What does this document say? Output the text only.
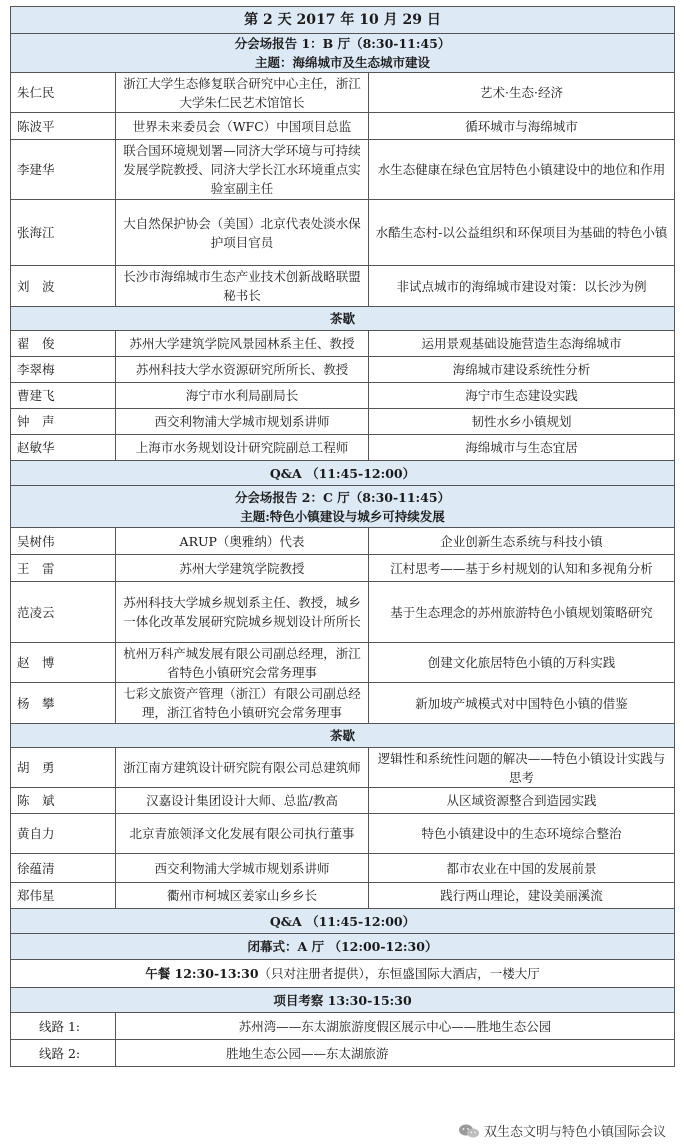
第 2 天 2017 年 10 月 29 日		

分会场报告 1：B 厅（8:30-11:45）
主题：海绵城市及生态城市建设		

朱仁民	浙江大学生态修复联合研究中心主任，浙江大学朱仁民艺术馆馆长	艺术·生态·经济
陈波平	世界未来委员会（WFC）中国项目总监	循环城市与海绵城市
李建华	联合国环境规划署—同济大学环境与可持续发展学院教授、同济大学长江水环境重点实验室副主任	水生态健康在绿色宜居特色小镇建设中的地位和作用
张海江	大自然保护协会（美国）北京代表处淡水保护项目官员	水酷生态村-以公益组织和环保项目为基础的特色小镇
刘　波	长沙市海绵城市生态产业技术创新战略联盟秘书长	非试点城市的海绵城市建设对策：以长沙为例
茶歇		
翟　俊	苏州大学建筑学院风景园林系主任、教授	运用景观基础设施营造生态海绵城市
李翠梅	苏州科技大学水资源研究所所长、教授	海绵城市建设系统性分析
曹建飞	海宁市水利局副局长	海宁市生态建设实践
钟　声	西交利物浦大学城市规划系讲师	韧性水乡小镇规划
赵敏华	上海市水务规划设计研究院副总工程师	海绵城市与生态宜居
Q&A （11:45-12:00）		

分会场报告 2：C 厅（8:30-11:45）
主题:特色小镇建设与城乡可持续发展		

吴树伟	ARUP（奥雅纳）代表	企业创新生态系统与科技小镇
王　雷	苏州大学建筑学院教授	江村思考——基于乡村规划的认知和多视角分析
范凌云	苏州科技大学城乡规划系主任、教授，城乡一体化改革发展研究院城乡规划设计所所长	基于生态理念的苏州旅游特色小镇规划策略研究
赵　博	杭州万科产城发展有限公司副总经理，浙江省特色小镇研究会常务理事	创建文化旅居特色小镇的万科实践
杨　攀	七彩文旅资产管理（浙江）有限公司副总经理，浙江省特色小镇研究会常务理事	新加坡产城模式对中国特色小镇的借鉴
茶歇		
胡　勇	浙江南方建筑设计研究院有限公司总建筑师	逻辑性和系统性问题的解决——特色小镇设计实践与思考
陈　斌	汉嘉设计集团设计大师、总监/教高	从区域资源整合到造园实践
黄自力	北京青旅领泽文化发展有限公司执行董事	特色小镇建设中的生态环境综合整治
徐蕴清	西交利物浦大学城市规划系讲师	都市农业在中国的发展前景
郑伟星	衢州市柯城区姜家山乡乡长	践行两山理论，建设美丽溪流
Q&A （11:45-12:00）		
闭幕式：A 厅 （12:00-12:30）		
午餐 12:30-13:30（只对注册者提供），东恒盛国际大酒店，一楼大厅		
项目考察 13:30-15:30		
线路 1:	苏州湾——东太湖旅游度假区展示中心——胜地生态公园	
线路 2:	胜地生态公园——东太湖旅游	
双生态文明与特色小镇国际会议
